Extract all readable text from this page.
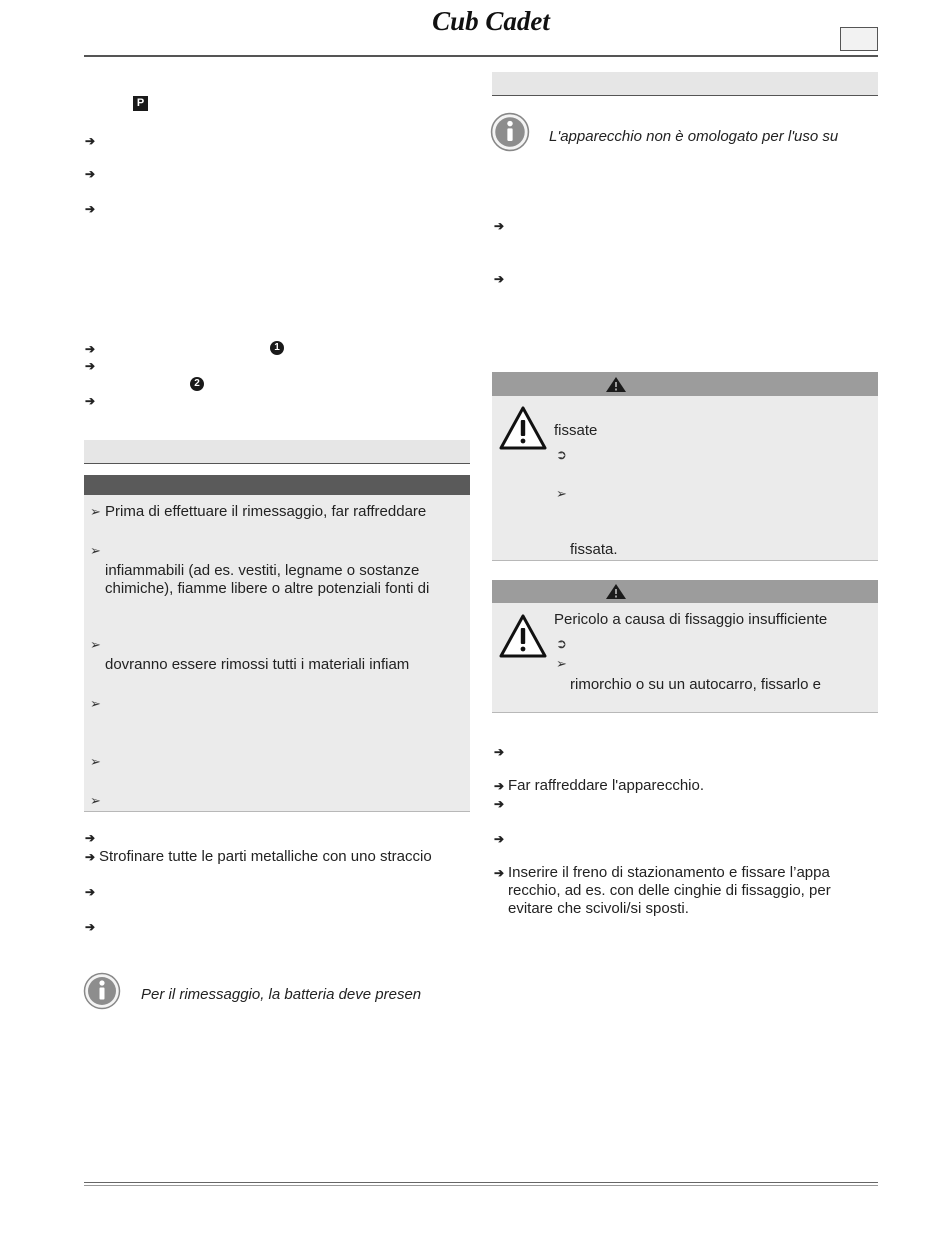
Cub Cadet
P
➔
➔
➔
➔	1
➔
2
➔
➢ Prima di effettuare il rimessaggio, far raffreddare
➢
infiammabili (ad es. vestiti, legname o sostanze
chimiche), fiamme libere o altre potenziali fonti di
➢
dovranno essere rimossi tutti i materiali infiam
➢
➢
➢
➔
➔ Strofinare tutte le parti metalliche con uno straccio
➔
➔
Per il rimessaggio, la batteria deve presen
L'apparecchio non è omologato per l'uso su
➔
➔
fissate
➲
➢
fissata.
Pericolo a causa di fissaggio insufficiente
➲
➢
rimorchio o su un autocarro, fissarlo e
➔
➔ Far raffreddare l'apparecchio.
➔
➔
➔ Inserire il freno di stazionamento e fissare l’appa
recchio, ad es. con delle cinghie di fissaggio, per
evitare che scivoli/si sposti.
